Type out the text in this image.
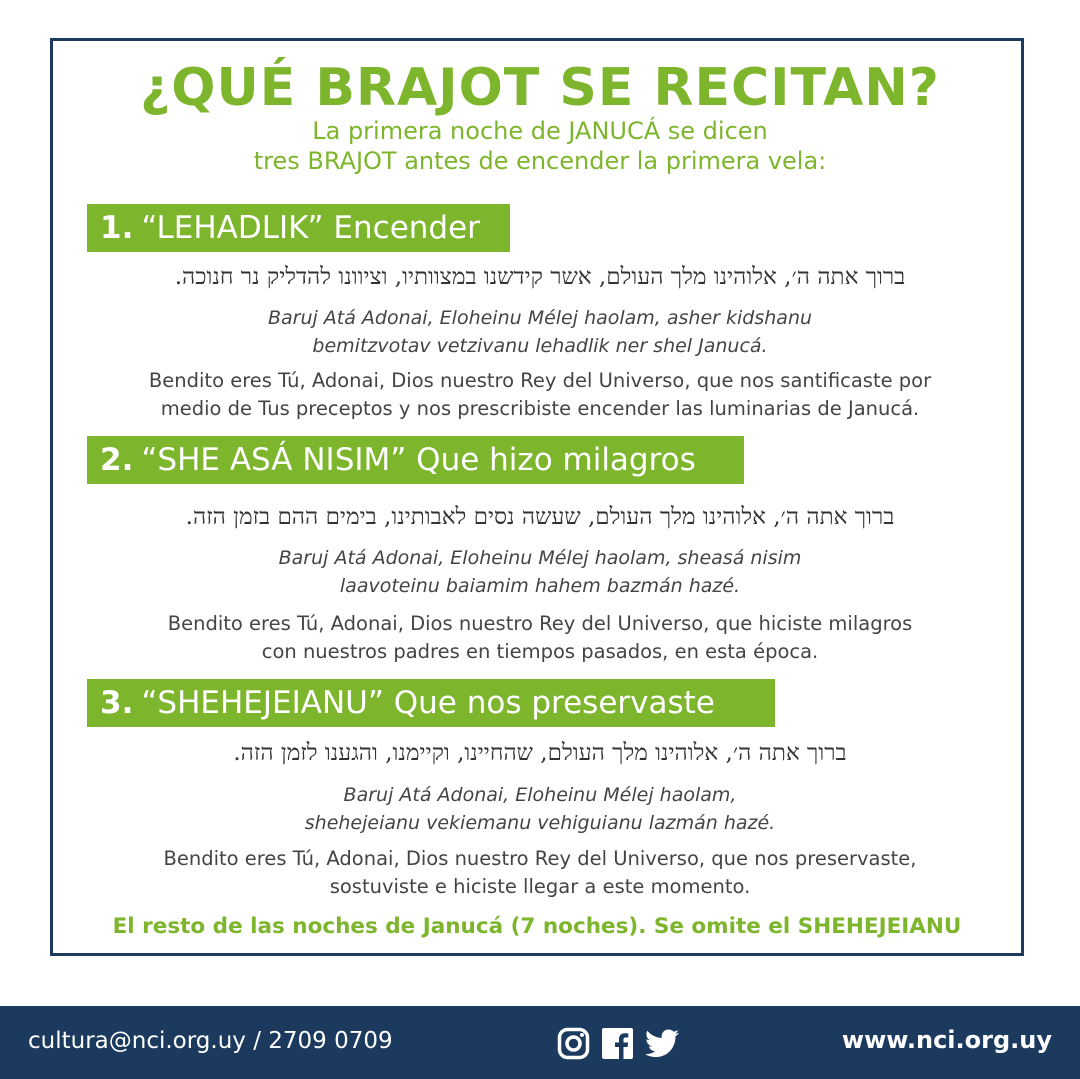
¿QUÉ BRAJOT SE RECITAN?
La primera noche de JANUCÁ se dicen
tres BRAJOT antes de encender la primera vela:
1. “LEHADLIK” Encender
ברוך אתה ה׳, אלוהינו מלך העולם, אשר קידשנו במצוותיו, וציוונו להדליק נר חנוכה.
Baruj Atá Adonai, Eloheinu Mélej haolam, asher kidshanu
bemitzvotav vetzivanu lehadlik ner shel Janucá.
Bendito eres Tú, Adonai, Dios nuestro Rey del Universo, que nos santificaste por
medio de Tus preceptos y nos prescribiste encender las luminarias de Janucá.
2. “SHE ASÁ NISIM” Que hizo milagros
ברוך אתה ה׳, אלוהינו מלך העולם, שעשה נסים לאבותינו, בימים ההם בזמן הזה.
Baruj Atá Adonai, Eloheinu Mélej haolam, sheasá nisim
laavoteinu baiamim hahem bazmán hazé.
Bendito eres Tú, Adonai, Dios nuestro Rey del Universo, que hiciste milagros
con nuestros padres en tiempos pasados, en esta época.
3. “SHEHEJEIANU” Que nos preservaste
ברוך אתה ה׳, אלוהינו מלך העולם, שהחיינו, וקיימנו, והגענו לזמן הזה.
Baruj Atá Adonai, Eloheinu Mélej haolam,
shehejeianu vekiemanu vehiguianu lazmán hazé.
Bendito eres Tú, Adonai, Dios nuestro Rey del Universo, que nos preservaste,
sostuviste e hiciste llegar a este momento.
El resto de las noches de Janucá (7 noches). Se omite el SHEHEJEIANU
cultura@nci.org.uy / 2709 0709	www.nci.org.uy
